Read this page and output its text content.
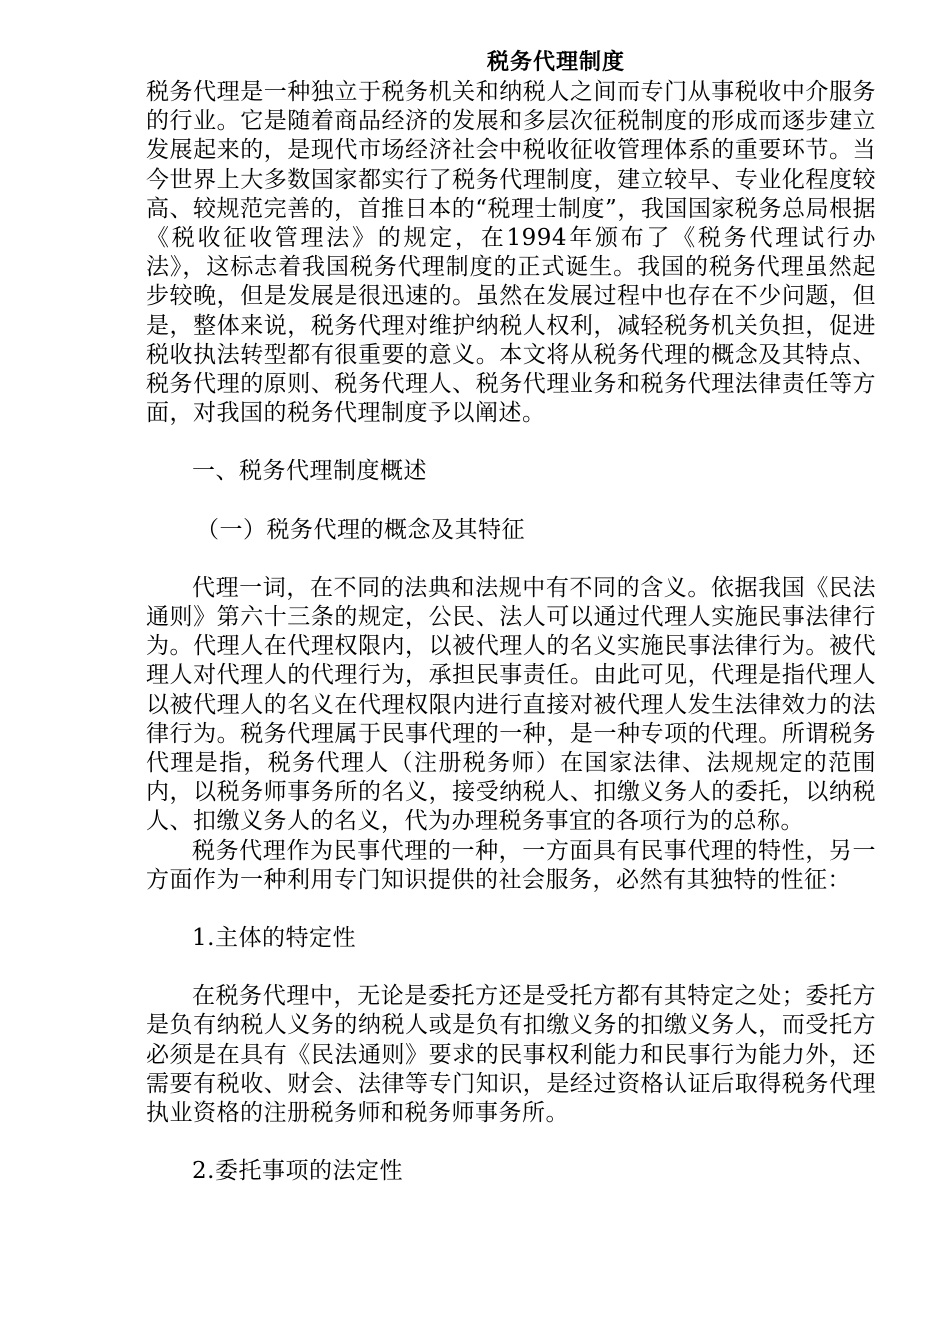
税务代理制度

税务代理是一种独立于税务机关和纳税人之间而专门从事税收中介服务的行业。它是随着商品经济的发展和多层次征税制度的形成而逐步建立发展起来的，是现代市场经济社会中税收征收管理体系的重要环节。当今世界上大多数国家都实行了税务代理制度，建立较早、专业化程度较高、较规范完善的，首推日本的“税理士制度”，我国国家税务总局根据《税收征收管理法》的规定，在1994年颁布了《税务代理试行办法》，这标志着我国税务代理制度的正式诞生。我国的税务代理虽然起步较晚，但是发展是很迅速的。虽然在发展过程中也存在不少问题，但是，整体来说，税务代理对维护纳税人权利，减轻税务机关负担，促进税收执法转型都有很重要的意义。本文将从税务代理的概念及其特点、税务代理的原则、税务代理人、税务代理业务和税务代理法律责任等方面，对我国的税务代理制度予以阐述。

一、税务代理制度概述

（一）税务代理的概念及其特征

代理一词，在不同的法典和法规中有不同的含义。依据我国《民法通则》第六十三条的规定，公民、法人可以通过代理人实施民事法律行为。代理人在代理权限内，以被代理人的名义实施民事法律行为。被代理人对代理人的代理行为，承担民事责任。由此可见，代理是指代理人以被代理人的名义在代理权限内进行直接对被代理人发生法律效力的法律行为。税务代理属于民事代理的一种，是一种专项的代理。所谓税务代理是指，税务代理人（注册税务师）在国家法律、法规规定的范围内，以税务师事务所的名义，接受纳税人、扣缴义务人的委托，以纳税人、扣缴义务人的名义，代为办理税务事宜的各项行为的总称。

税务代理作为民事代理的一种，一方面具有民事代理的特性，另一方面作为一种利用专门知识提供的社会服务，必然有其独特的性征：

1.主体的特定性

在税务代理中，无论是委托方还是受托方都有其特定之处；委托方是负有纳税人义务的纳税人或是负有扣缴义务的扣缴义务人，而受托方必须是在具有《民法通则》要求的民事权利能力和民事行为能力外，还需要有税收、财会、法律等专门知识，是经过资格认证后取得税务代理执业资格的注册税务师和税务师事务所。

2.委托事项的法定性
